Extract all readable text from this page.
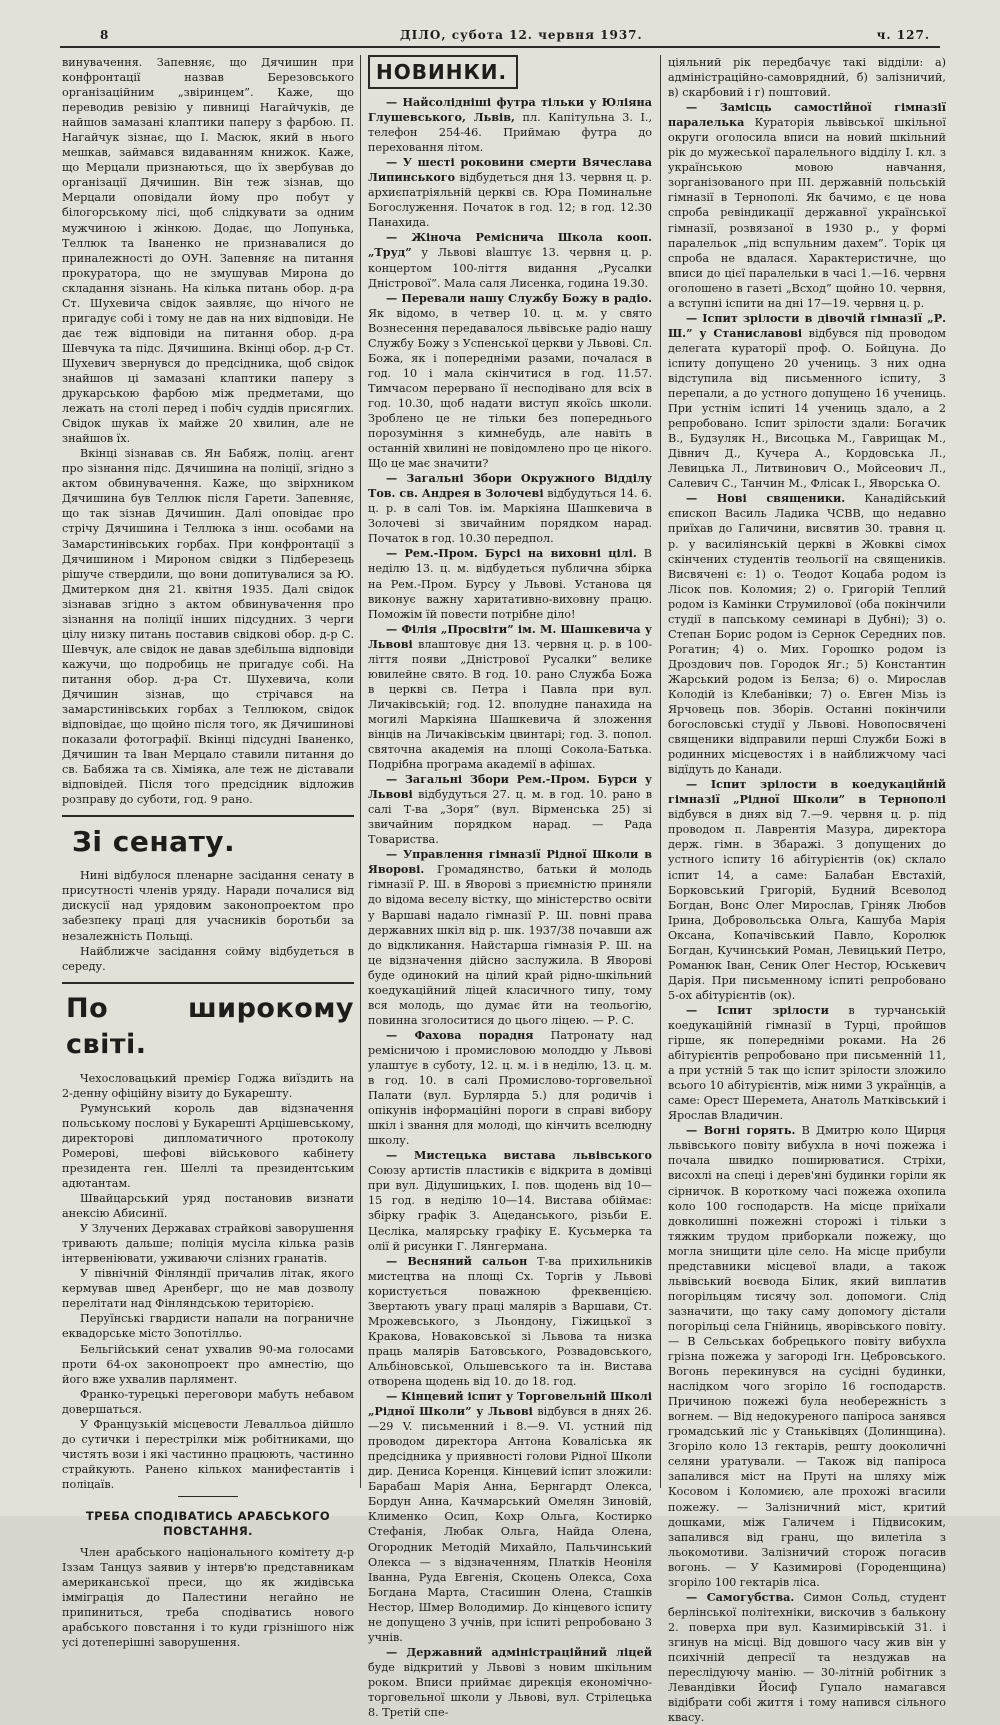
8	ДІЛО, субота 12. червня 1937.	ч. 127.

винувачення. Запевняє, що Дячишин при конфронтації назвав Березовського організаційним „звіринцем”. Каже, що переводив ревізію у пивниці Нагайчуків, де найшов замазані клаптики паперу з фарбою. П. Нагайчук зізнає, що І. Масюк, який в нього мешкав, займався видаванням книжок. Каже, що Мерцали признаються, що їх звербував до організації Дячишин. Він теж зізнав, що Мерцали оповідали йому про побут у білогорському лісі, щоб слідкувати за одним мужчиною і жінкою. Додає, що Лопунька, Теллюк та Іваненко не признавалися до приналежності до ОУН. Запевняє на питання прокуратора, що не змушував Мирона до складання зізнань. На кілька питань обор. д-ра Ст. Шухевича свідок заявляє, що нічого не пригадує собі і тому не дав на них відповіди. Не дає теж відповіди на питання обор. д-ра Шевчука та підс. Дячишина. Вкінці обор. д-р Ст. Шухевич звернувся до предсідника, щоб свідок знайшов ці замазані клаптики паперу з друкарською фарбою між предметами, що лежать на столі перед і побіч суддів присяглих. Свідок шукав їх майже 20 хвилин, але не знайшов їх.

Вкінці зізнавав св. Ян Бабяж, поліц. агент про зізнання підс. Дячишина на поліції, згідно з актом обвинувачення. Каже, що звірхником Дячишина був Теллюк після Гарети. Запевняє, що так зізнав Дячишин. Далі оповідає про стрічу Дячишина і Теллюка з інш. особами на Замарстинівських горбах. При конфронтації з Дячишином і Мироном свідки з Підберезець рішуче ствердили, що вони допитувалися за Ю. Дмитерком дня 21. квітня 1935. Далі свідок зізнавав згідно з актом обвинувачення про зізнання на поліції інших підсудних. З черги цілу низку питань поставив свідкові обор. д-р С. Шевчук, але свідок не давав здебільша відповіди кажучи, що подробиць не пригадує собі. На питання обор. д-ра Ст. Шухевича, коли Дячишин зізнав, що стрічався на замарстинівських горбах з Теллюком, свідок відповідає, що щойно після того, як Дячишинові показали фотографії. Вкінці підсудні Іваненко, Дячишин та Іван Мерцало ставили питання до св. Бабяжа та св. Хіміяка, але теж не діставали відповідей. Після того предсідник відложив розправу до суботи, год. 9 рано.

Зі сенату.

Нині відбулося пленарне засідання сенату в присутності членів уряду. Наради почалися від дискусії над урядовим законопроектом про забезпеку праці для учасників боротьби за незалежність Польщі.

Найближче засідання сойму відбудеться в середу.

По широкому світі.

Чехословацький премієр Годжа виїздить на 2-денну офіційну візиту до Букарешту.

Румунський король дав відзначення польському послові у Букарешті Арцішевському, директорові дипломатичного протоколу Ромерові, шефові військового кабінету президента ген. Шеллі та президентським адютантам.

Швайцарський уряд постановив визнати анексію Абисинії.

У Злучених Державах страйкові заворушення тривають дальше; поліція мусіла кілька разів інтервеніювати, уживаючи слізних гранатів.

У північній Фінляндії причалив літак, якого кермував швед Аренберг, що не мав дозволу перелітати над Фінляндською територією.

Перуїнські гвардисти напали на пограничне еквадорське місто Зопотілльо.

Бельгійський сенат ухвалив 90-ма голосами проти 64-ох законопроект про амнестію, що його вже ухвалив парлямент.

Франко-турецькі переговори мабуть небавом довершаться.

У Французькій місцевости Левалльоа дійшло до сутички і перестрілки між робітниками, що чистять вози і які частинно працюють, частинно страйкують. Ранено кількох манифестантів і поліцаїв.

ТРЕБА СПОДІВАТИСЬ АРАБСЬКОГО ПОВСТАННЯ.

Член арабського національного комітету д-р Іззам Танцуз заявив у інтерв'ю представникам американської преси, що як жидівська імміграція до Палестини негайно не припиниться, треба сподіватись нового арабського повстання і то куди грізнішого ніж усі дотеперішні заворушення.

НОВИНКИ.

— Найсолідніші футра тільки у Юліяна Глушевського, Львів, пл. Капітульна 3. І., телефон 254-46. Приймаю футра до переховання літом.

— У шесті роковини смерти Вячеслава Липинського відбудеться дня 13. червня ц. р. архиєпатріяльній церкві св. Юра Поминальне Богослуження. Початок в год. 12; в год. 12.30 Панахида.

— Жіноча Ремісничa Школа коoп. „Труд” у Львові вlаштує 13. червня ц. р. концертом 100-ліття видання „Русалки Дністрової”. Мала саля Лисенка, година 19.30.

— Перевали нашу Службу Божу в радіо. Як відомо, в четвер 10. ц. м. у свято Вознесення передавалося львівське радіо нашу Службу Божу з Успенської церкви у Львові. Сл. Божа, як і попередніми разами, почалася в год. 10 і мала скінчитися в год. 11.57. Тимчасом перервано її несподівано для всіх в год. 10.30, щоб надати виступ якоїсь школи. Зроблено це не тільки без попереднього порозуміння з кимнебудь, але навіть в останній хвилині не повідомлено про це нікого. Що це має значити?

— Загальні Збори Окружного Відділу Тов. св. Андрея в Золочеві відбудуться 14. 6. ц. р. в салі Тов. ім. Маркіяна Шашкевича в Золочеві зі звичайним порядком нарад. Початок в год. 10.30 передпол.

— Рем.-Пром. Бурсі на виховні цілі. В неділю 13. ц. м. відбудеться публична збірка на Рем.-Пром. Бурсу у Львові. Установа ця виконує важну харитативно-виховну працю. Поможім їй повести потрібне діло!

— Філія „Просвіти” ім. М. Шашкевича у Львові влаштовує дня 13. червня ц. р. в 100-ліття появи „Дністрової Русалки” велике ювилейне свято. В год. 10. рано Служба Божа в церкві св. Петра і Павла при вул. Личаківській; год. 12. вполудне панахида на могилі Маркіяна Шашкевича й зложення вінців на Личаківськім цвинтарі; год. 3. попол. святочна академія на площі Сокола-Батька. Подрібна програма академії в афішах.

— Загальні Збори Рем.-Пром. Бурси у Львові відбудуться 27. ц. м. в год. 10. рано в салі Т-ва „Зоря” (вул. Вірменська 25) зі звичайним порядком нарад. — Рада Товариства.

— Управлення гімназії Рідної Школи в Яворові. Громадянство, батьки й молодь гімназії Р. Ш. в Яворові з приємністю приняли до відома веселу вістку, що міністерство освіти у Варшаві надало гімназії Р. Ш. повні права державних шкіл від р. шк. 1937/38 почавши аж до відкликання. Найстарша гімназія Р. Ш. на це відзначення дійсно заслужила. В Яворові буде одинокий на цілий край рідно-шкільний коедукаційний ліцей класичного типу, тому вся молодь, що думає йти на теольогію, повинна зголоситися до цього ліцею. — Р. С.

— Фахова порадня Патронату над ремісничою і промисловою молоддю у Львові улаштує в суботу, 12. ц. м. і в неділю, 13. ц. м. в год. 10. в салі Промислово-торговельної Палати (вул. Бурлярда 5.) для родичів і опікунів інформаційні пороги в справі вибору шкіл і звання для молоді, що кінчить вселюдну школу.

— Мистецька виставa львівського Союзу артистів пластиків є відкрита в домівці при вул. Дідушицьких, І. пов. щодень від 10—15 год. в неділю 10—14. Виставa обіймає: збірку графік З. Ацеданського, різьби Е. Цесліка, малярську графіку Е. Кусьмерка та олії й рисунки Г. Лянгермана.

— Весняний сальон Т-ва прихильників мистецтва на площі Сх. Торгів у Львові користується поважною фреквенцією. Звертають увагу праці малярів з Варшави, Ст. Мрожевського, з Льондону, Гіжицької з Кракова, Новаковської зі Львова та низка праць малярів Батовського, Розвадовського, Альбіновської, Ольшевського та ін. Виставa отворена щодень від 10. до 18. год.

— Кінцевий іспит у Торговельній Школі „Рідної Школи” у Львові відбувся в днях 26.—29 V. письменний і 8.—9. VI. устний під проводом директора Антона Коваліськa як предсідника у приявності голови Рідної Школи дир. Дениса Коренця. Кінцевий іспит зложили: Барабаш Марія Анна, Бернгардт Олекса, Бордун Анна, Качмарський Омелян Зиновій, Клименко Осип, Кохр Ольга, Костирко Стефанія, Любак Ольга, Найда Олена, Огородник Методій Михайло, Пальчинський Олекса — з відзначенням, Платків Неоніля Іванна, Руда Евгенія, Скоцень Олекса, Соха Богдана Марта, Стасишин Олена, Сташків Нестор, Шмер Володимир. До кінцевого іспиту не допущено 3 учнів, при іспиті репробовано 3 учнів.

— Державний адміністраційний ліцей буде відкритий у Львові з новим шкільним роком. Вписи приймає дирекція економічно-торговельної школи у Львові, вул. Стрілецька 8. Третій спе-

ціяльний рік передбачує такі відділи: а) адміністраційно-самоврядний, б) залізничий, в) скарбовий і г) поштовий.

— Замісць самостійної гімназії паралелька Кураторія львівської шкільної округи оголосила вписи на новий шкільний рік до мужеської паралельного відділу І. кл. з українською мовою навчання, зорганізованого при ІІІ. державній польській гімназії в Тернополі. Як бачимо, є це нова спроба ревіндикації державної української гімназії, розвязаної в 1930 р., у формі паралельок „під вспульним дахем”. Торік ця спроба не вдалася. Характеристичне, що вписи до цієї паралельки в часі 1.—16. червня оголошено в газеті „Всход” щойно 10. червня, а вступні іспити на дні 17—19. червня ц. р.

— Іспит зрілости в дівочій гімназії „Р. Ш.” у Станиславові відбувся під проводом делегата кураторії проф. О. Бойцуна. До іспиту допущено 20 учениць. З них одна відступила від письменного іспиту, 3 перепали, а до устного допущено 16 учениць. При устнім іспиті 14 учениць здало, а 2 репробовано. Іспит зрілости здали: Богачик В., Будзуляк Н., Висоцька М., Гаврищак М., Дівнич Д., Кучера А., Кордовська Л., Левицька Л., Литвинович О., Мойсеович Л., Салевич С., Танчин М., Флісак І., Яворська О.

— Нові священики. Канадійський єпископ Василь Ладика ЧСВВ, що недавно приїхав до Галичини, висвятив 30. травня ц. р. у василіянській церкві в Жовкві сімох скінчених студентів теольогії на священиків. Висвячені є: 1) о. Теодот Коцаба родом із Лісок пов. Коломия; 2) о. Григорій Теплий родом із Камінки Струмилової (оба покінчили студії в папському семинарі в Дубні); 3) о. Степан Борис родом із Сернок Середних пов. Рогатин; 4) о. Мих. Горошко родом із Дроздович пов. Городок Яг.; 5) Константин Жарський родом із Белза; 6) о. Мирослав Колодій із Клебанівки; 7) о. Евген Мізь із Ярчовець пов. Зборів. Останні покінчили богословські студії у Львові. Новопосвячені священики відправили перші Служби Божі в родинних місцевостях і в найближчому часі відїдуть до Канади.

— Іспит зрілости в коедукаційній гімназії „Рідної Школи” в Тернополі відбувся в днях від 7.—9. червня ц. р. під проводом п. Лаврентія Мазура, директора держ. гімн. в Збаражі. З допущених до устного іспиту 16 абітурієнтів (ок) склало іспит 14, а саме: Балабан Евстахій, Борковський Григорій, Будний Всеволод Богдан, Вонс Олег Мирослав, Гріняк Любов Ірина, Добровольська Ольга, Кашуба Марія Оксана, Копачівський Павло, Королюк Богдан, Кучинський Роман, Левицький Петро, Романюк Іван, Сеник Олег Нестор, Юськевич Дарія. При письменному іспиті репробовано 5-ох абітурієнтів (ок).

— Іспит зрілости в турчанській коедукаційній гімназії в Турці, пройшов гірше, як попередніми роками. На 26 абітурієнтів репробовано при письменній 11, а при устній 5 так що іспит зрілости зложило всього 10 абітурієнтів, між ними 3 українців, а саме: Орест Шеремета, Анатоль Матківський і Ярослав Владичин.

— Вогні горять. В Дмитрю коло Щирця львівського повіту вибухла в ночі пожежа і почала швидко поширюватися. Стріхи, висохлі на спеці і дерев'яні будинки горіли як сірничок. В короткому часі пожежа охопила коло 100 господарств. На місце приїхали довколишні пожежні сторожі і тільки з тяжким трудом приборкали пожежу, що могла знищити ціле село. На місце прибули представники місцевої влади, а також львівський воєвода Білик, який виплатив погорільцям тисячу зол. допомоги. Слід зазначити, що таку саму допомогу дістали погорільці села Гнійниць, яворівського повіту. — В Сельськах бобрецького повіту вибухла грізна пожежа у загороді Ігн. Цебровського. Вогонь перекинувся на сусідні будинки, наслідком чого згоріло 16 господарств. Причиною пожежі була необережність з вогнем. — Від недокуреного папіроса занявся громадський ліс у Станьківцях (Долинщина). Згоріло коло 13 гектарів, решту дооколичні селяни уратували. — Також від папіроса запалився міст на Пруті на шляху між Косовом і Коломиєю, але прохожі вгасили пожежу. — Залізничний міст, критий дошками, між Галичем і Підвисоким, запалився від гранu, що вилетіла з льокомотиви. Залізничий сторож погасив вогонь. — У Казимирові (Городенщина) згоріло 100 гектарів ліса.

— Самогубства. Симон Сольд, студент берлінської політехніки, вискочив з балькону 2. поверха при вул. Казимирівській 31. і згинув на місці. Від довшого часу жив він у психічній депресії та нездужав на переслідуючу манію. — 30-літній робітник з Левандівки Йосиф Гупало намагався відібрати собі життя і тому напився сільного квасу.
